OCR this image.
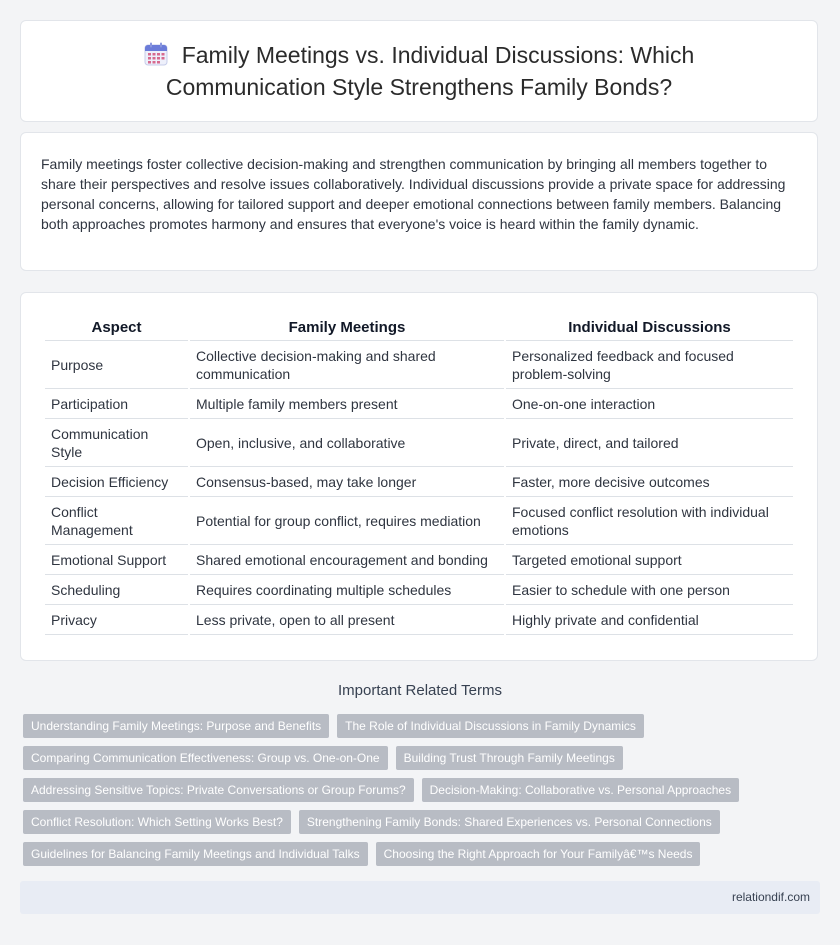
Family Meetings vs. Individual Discussions: Which
Communication Style Strengthens Family Bonds?

Family meetings foster collective decision-making and strengthen communication by bringing all members together to share their perspectives and resolve issues collaboratively. Individual discussions provide a private space for addressing personal concerns, allowing for tailored support and deeper emotional connections between family members. Balancing both approaches promotes harmony and ensures that everyone's voice is heard within the family dynamic.

Aspect	Family Meetings	Individual Discussions
Purpose	Collective decision-making and shared communication	Personalized feedback and focused problem-solving
Participation	Multiple family members present	One-on-one interaction
Communication Style	Open, inclusive, and collaborative	Private, direct, and tailored
Decision Efficiency	Consensus-based, may take longer	Faster, more decisive outcomes
Conflict Management	Potential for group conflict, requires mediation	Focused conflict resolution with individual emotions
Emotional Support	Shared emotional encouragement and bonding	Targeted emotional support
Scheduling	Requires coordinating multiple schedules	Easier to schedule with one person
Privacy	Less private, open to all present	Highly private and confidential
Important Related Terms
Understanding Family Meetings: Purpose and Benefits	The Role of Individual Discussions in Family Dynamics
Comparing Communication Effectiveness: Group vs. One-on-One	Building Trust Through Family Meetings
Addressing Sensitive Topics: Private Conversations or Group Forums?	Decision-Making: Collaborative vs. Personal Approaches
Conflict Resolution: Which Setting Works Best?	Strengthening Family Bonds: Shared Experiences vs. Personal Connections
Guidelines for Balancing Family Meetings and Individual Talks	Choosing the Right Approach for Your Familyâ€™s Needs
relationdif.com
